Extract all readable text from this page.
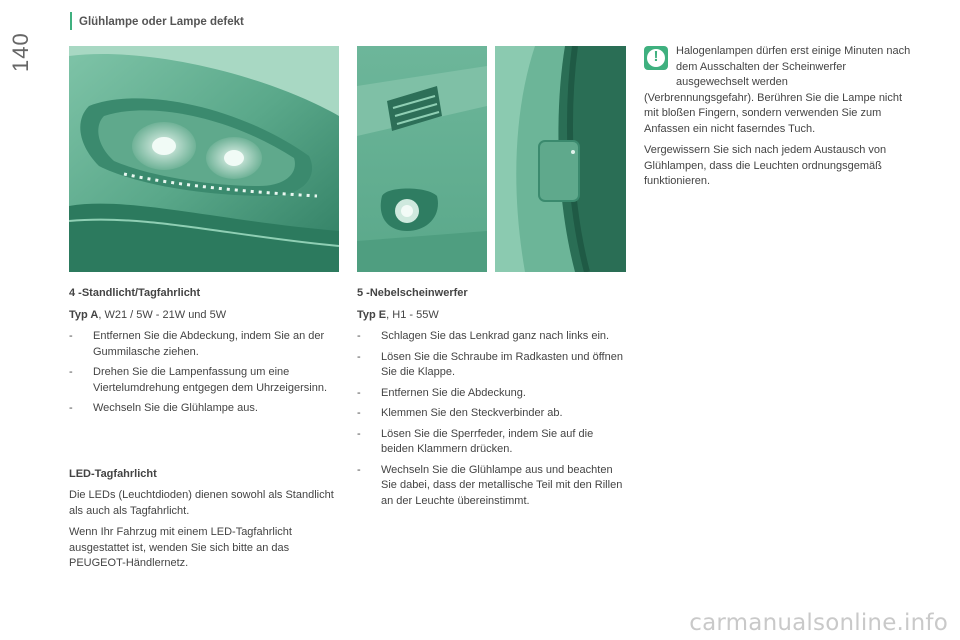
Glühlampe oder Lampe defekt
140

4 -Standlicht/Tagfahrlicht

Typ A, W21 / 5W - 21W und 5W

- Entfernen Sie die Abdeckung, indem Sie an der Gummilasche ziehen.
- Drehen Sie die Lampenfassung um eine Viertelumdrehung entgegen dem Uhrzeigersinn.
- Wechseln Sie die Glühlampe aus.

LED-Tagfahrlicht

Die LEDs (Leuchtdioden) dienen sowohl als Standlicht als auch als Tagfahrlicht.

Wenn Ihr Fahrzug mit einem LED-Tagfahrlicht ausgestattet ist, wenden Sie sich bitte an das PEUGEOT-Händlernetz.

5 -Nebelscheinwerfer

Typ E, H1 - 55W

- Schlagen Sie das Lenkrad ganz nach links ein.
- Lösen Sie die Schraube im Radkasten und öffnen Sie die Klappe.
- Entfernen Sie die Abdeckung.
- Klemmen Sie den Steckverbinder ab.
- Lösen Sie die Sperrfeder, indem Sie auf die beiden Klammern drücken.
- Wechseln Sie die Glühlampe aus und beachten Sie dabei, dass der metallische Teil mit den Rillen an der Leuchte übereinstimmt.
!

Halogenlampen dürfen erst einige Minuten nach dem Ausschalten der Scheinwerfer ausgewechselt werden

(Verbrennungsgefahr). Berühren Sie die Lampe nicht mit bloßen Fingern, sondern verwenden Sie zum Anfassen ein nicht faserndes Tuch.

Vergewissern Sie sich nach jedem Austausch von Glühlampen, dass die Leuchten ordnungsgemäß funktionieren.

carmanualsonline.info
